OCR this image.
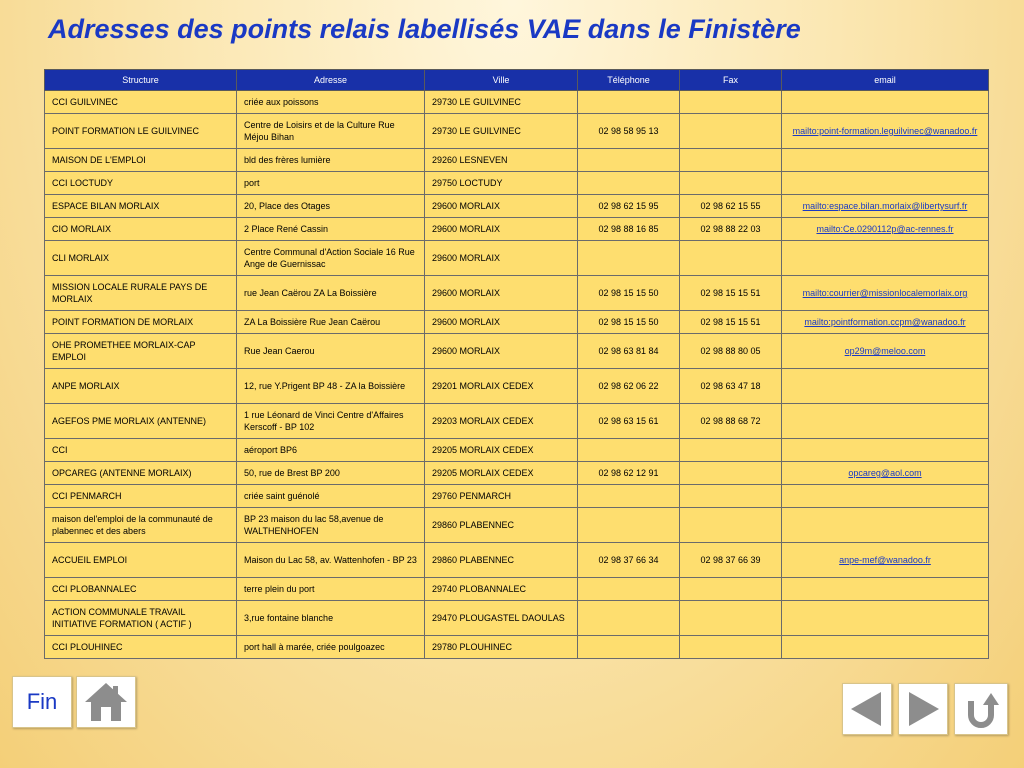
Adresses des points relais labellisés VAE dans le Finistère
Structure	Adresse	Ville	Téléphone	Fax	email
CCI GUILVINEC	criée aux poissons	29730 LE GUILVINEC			
POINT FORMATION LE GUILVINEC	Centre de Loisirs et de la Culture Rue Méjou Bihan	29730 LE GUILVINEC	02 98 58 95 13		mailto:point-formation.leguilvinec@wanadoo.fr
MAISON DE L'EMPLOI	bld des frères lumière	29260 LESNEVEN			
CCI LOCTUDY	port	29750 LOCTUDY			
ESPACE BILAN MORLAIX	20, Place des Otages	29600 MORLAIX	02 98 62 15 95	02 98 62 15 55	mailto:espace.bilan.morlaix@libertysurf.fr
CIO MORLAIX	2 Place René Cassin	29600 MORLAIX	02 98 88 16 85	02 98 88 22 03	mailto:Ce.0290112p@ac-rennes.fr
CLI MORLAIX	Centre Communal d'Action Sociale 16 Rue Ange de Guernissac	29600 MORLAIX			
MISSION LOCALE RURALE PAYS DE MORLAIX	rue Jean Caërou ZA La Boissière	29600 MORLAIX	02 98 15 15 50	02 98 15 15 51	mailto:courrier@missionlocalemorlaix.org
POINT FORMATION DE MORLAIX	ZA La Boissière Rue Jean Caërou	29600 MORLAIX	02 98 15 15 50	02 98 15 15 51	mailto:pointformation.ccpm@wanadoo.fr
OHE PROMETHEE MORLAIX-CAP EMPLOI	Rue Jean Caerou	29600 MORLAIX	02 98 63 81 84	02 98 88 80 05	op29m@meloo.com
ANPE MORLAIX	12, rue Y.Prigent BP 48 - ZA la Boissière	29201 MORLAIX CEDEX	02 98 62 06 22	02 98 63 47 18	
AGEFOS PME MORLAIX (ANTENNE)	1 rue Léonard de Vinci Centre d'Affaires Kerscoff - BP 102	29203 MORLAIX CEDEX	02 98 63 15 61	02 98 88 68 72	
CCI	aéroport BP6	29205 MORLAIX CEDEX			
OPCAREG (ANTENNE MORLAIX)	50, rue de Brest BP 200	29205 MORLAIX CEDEX	02 98 62 12 91		opcareg@aol.com
CCI PENMARCH	criée saint guénolé	29760 PENMARCH			
maison del'emploi de la communauté de plabennec et des abers	BP 23 maison du lac 58,avenue de WALTHENHOFEN	29860 PLABENNEC			
ACCUEIL EMPLOI	Maison du Lac 58, av. Wattenhofen - BP 23	29860 PLABENNEC	02 98 37 66 34	02 98 37 66 39	anpe-mef@wanadoo.fr
CCI PLOBANNALEC	terre plein du port	29740 PLOBANNALEC			
ACTION COMMUNALE TRAVAIL INITIATIVE FORMATION ( ACTIF )	3,rue fontaine blanche	29470 PLOUGASTEL DAOULAS			
CCI PLOUHINEC	port hall à marée, criée poulgoazec	29780 PLOUHINEC			
Fin
